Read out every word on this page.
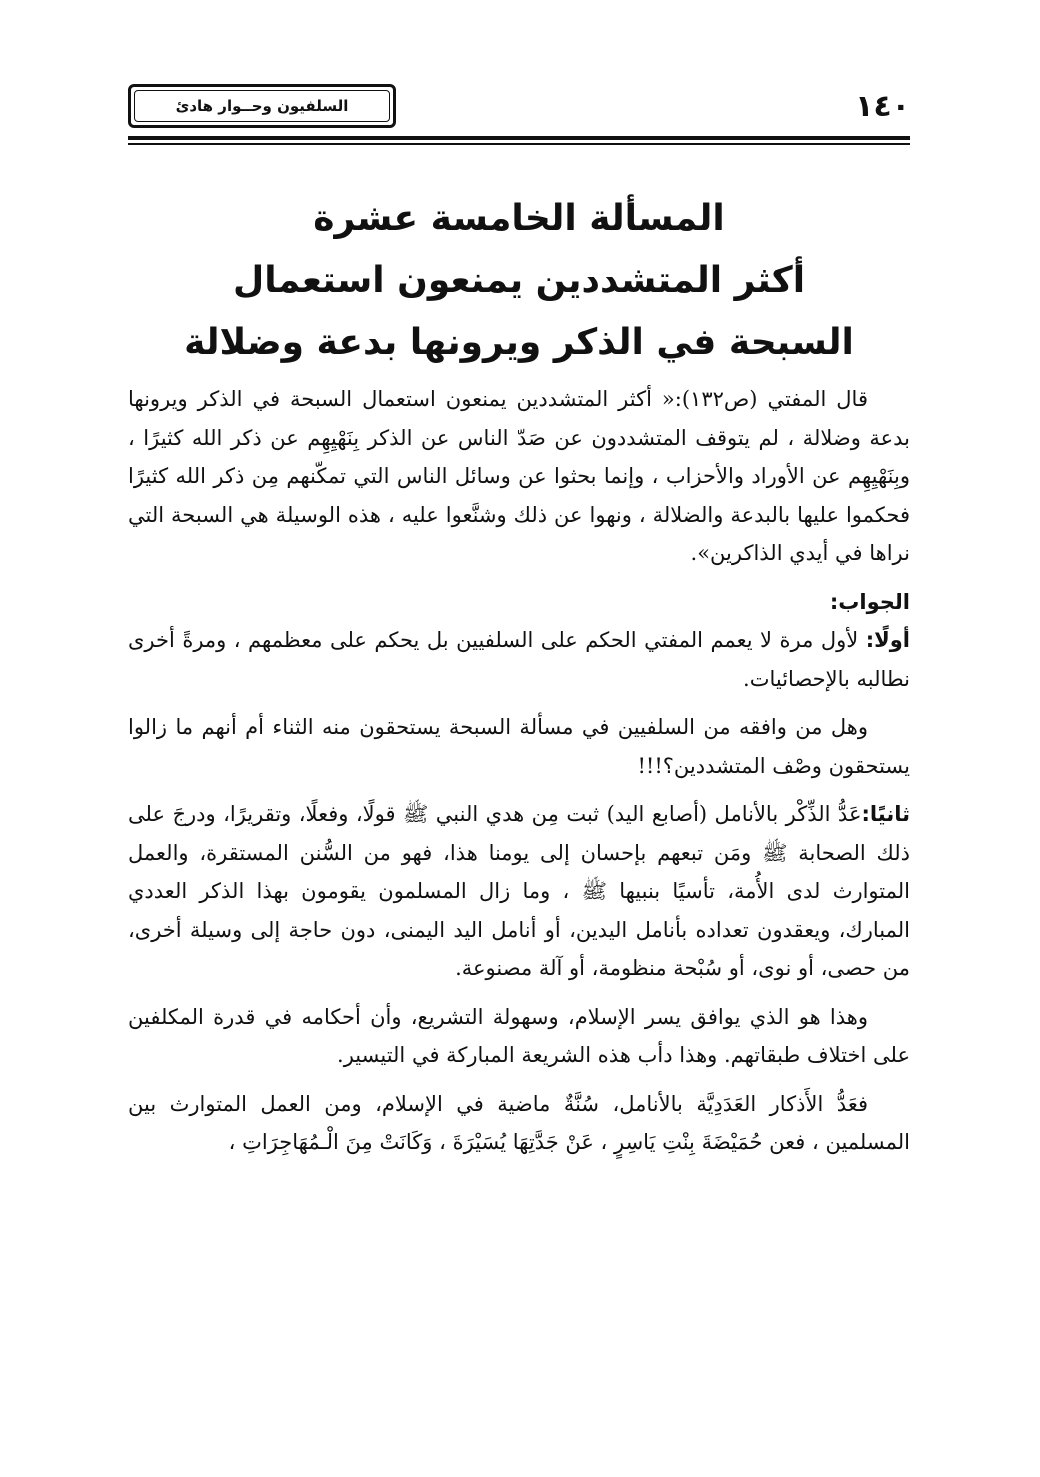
السلفيون وحــوار هادئ	١٤٠
المسألة الخامسة عشرة
أكثر المتشددين يمنعون استعمال
السبحة في الذكر ويرونها بدعة وضلالة

قال المفتي (ص١٣٢):« أكثر المتشددين يمنعون استعمال السبحة في الذكر ويرونها بدعة وضلالة ، لم يتوقف المتشددون عن صَدّ الناس عن الذكر بِنَهْيِهِم عن ذكر الله كثيرًا ، وبِنَهْيِهِم عن الأوراد والأحزاب ، وإنما بحثوا عن وسائل الناس التي تمكّنهم مِن ذكر الله كثيرًا فحكموا عليها بالبدعة والضلالة ، ونهوا عن ذلك وشنَّعوا عليه ، هذه الوسيلة هي السبحة التي نراها في أيدي الذاكرين».

الجواب:

أولًا: لأول مرة لا يعمم المفتي الحكم على السلفيين بل يحكم على معظمهم ، ومرةً أخرى نطالبه بالإحصائيات.

وهل من وافقه من السلفيين في مسألة السبحة يستحقون منه الثناء أم أنهم ما زالوا يستحقون وصْف المتشددين؟!!!

ثانيًا:عَدُّ الذِّكْر بالأنامل (أصابع اليد) ثبت مِن هدي النبي ﷺ قولًا، وفعلًا، وتقريرًا، ودرجَ على ذلك الصحابة ﷺ ومَن تبعهم بإحسان إلى يومنا هذا، فهو من السُّنن المستقرة، والعمل المتوارث لدى الأُمة، تأسيًا بنبيها ﷺ ، وما زال المسلمون يقومون بهذا الذكر العددي المبارك، ويعقدون تعداده بأنامل اليدين، أو أنامل اليد اليمنى، دون حاجة إلى وسيلة أخرى، من حصى، أو نوى، أو سُبْحة منظومة، أو آلة مصنوعة.

وهذا هو الذي يوافق يسر الإسلام، وسهولة التشريع، وأن أحكامه في قدرة المكلفين على اختلاف طبقاتهم. وهذا دأب هذه الشريعة المباركة في التيسير.

فعَدُّ الأَذكار العَدَدِيَّة بالأنامل، سُنَّةٌ ماضية في الإسلام، ومن العمل المتوارث بين المسلمين ، فعن حُمَيْضَةَ بِنْتِ يَاسِرٍ ، عَنْ جَدَّتِهَا يُسَيْرَةَ ، وَكَانَتْ مِنَ الْـمُهَاجِرَاتِ ،
